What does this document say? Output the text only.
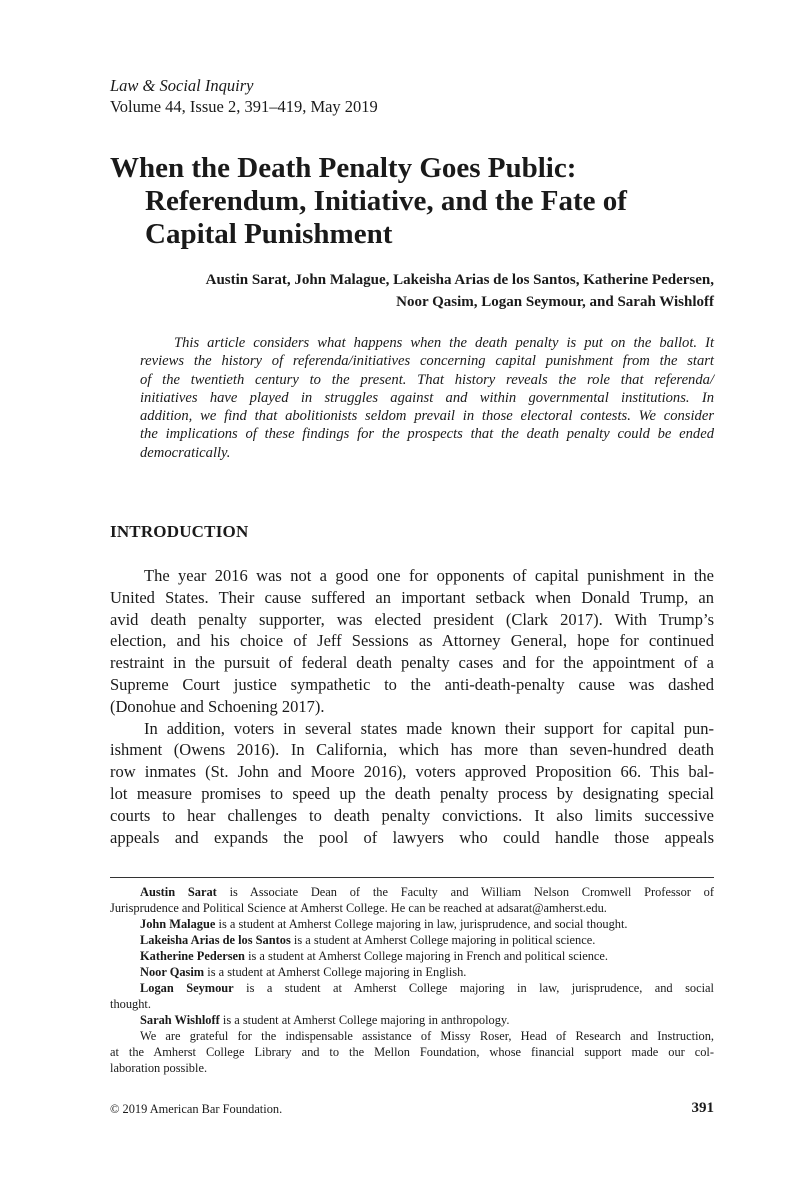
Law & Social Inquiry
Volume 44, Issue 2, 391–419, May 2019
When the Death Penalty Goes Public:
Referendum, Initiative, and the Fate of
Capital Punishment
Austin Sarat, John Malague, Lakeisha Arias de los Santos, Katherine Pedersen,
Noor Qasim, Logan Seymour, and Sarah Wishloff
This article considers what happens when the death penalty is put on the ballot. It
reviews the history of referenda/initiatives concerning capital punishment from the start
of the twentieth century to the present. That history reveals the role that referenda/
initiatives have played in struggles against and within governmental institutions. In
addition, we find that abolitionists seldom prevail in those electoral contests. We consider
the implications of these findings for the prospects that the death penalty could be ended
democratically.
INTRODUCTION
The year 2016 was not a good one for opponents of capital punishment in the
United States. Their cause suffered an important setback when Donald Trump, an
avid death penalty supporter, was elected president (Clark 2017). With Trump’s
election, and his choice of Jeff Sessions as Attorney General, hope for continued
restraint in the pursuit of federal death penalty cases and for the appointment of a
Supreme Court justice sympathetic to the anti-death-penalty cause was dashed
(Donohue and Schoening 2017).
In addition, voters in several states made known their support for capital pun-
ishment (Owens 2016). In California, which has more than seven-hundred death
row inmates (St. John and Moore 2016), voters approved Proposition 66. This bal-
lot measure promises to speed up the death penalty process by designating special
courts to hear challenges to death penalty convictions. It also limits successive
appeals and expands the pool of lawyers who could handle those appeals
Austin Sarat is Associate Dean of the Faculty and William Nelson Cromwell Professor of
Jurisprudence and Political Science at Amherst College. He can be reached at adsarat@amherst.edu.
John Malague is a student at Amherst College majoring in law, jurisprudence, and social thought.
Lakeisha Arias de los Santos is a student at Amherst College majoring in political science.
Katherine Pedersen is a student at Amherst College majoring in French and political science.
Noor Qasim is a student at Amherst College majoring in English.
Logan Seymour is a student at Amherst College majoring in law, jurisprudence, and social
thought.
Sarah Wishloff is a student at Amherst College majoring in anthropology.
We are grateful for the indispensable assistance of Missy Roser, Head of Research and Instruction,
at the Amherst College Library and to the Mellon Foundation, whose financial support made our col-
laboration possible.
© 2019 American Bar Foundation.	391
